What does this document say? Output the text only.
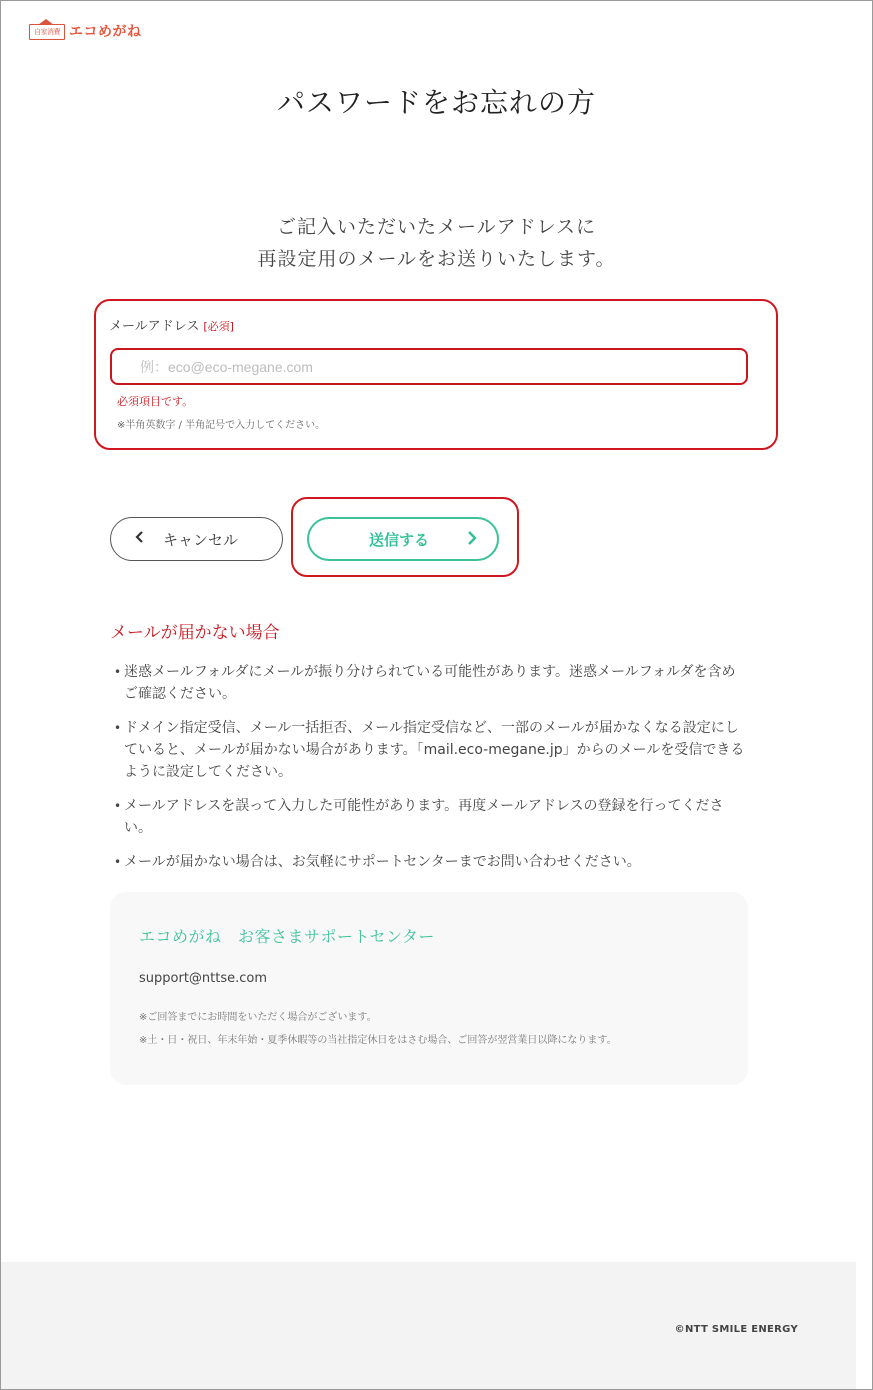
自家消費 エコめがね
パスワードをお忘れの方
ご記入いただいたメールアドレスに
再設定用のメールをお送りいたします。
メールアドレス [必須]
例：eco@eco-megane.com
必須項目です。
※半角英数字 / 半角記号で入力してください。
キャンセル	送信する
メールが届かない場合
• 迷惑メールフォルダにメールが振り分けられている可能性があります。迷惑メールフォルダを含めご確認ください。
• ドメイン指定受信、メール一括拒否、メール指定受信など、一部のメールが届かなくなる設定にしていると、メールが届かない場合があります。「mail.eco-megane.jp」からのメールを受信できるように設定してください。
• メールアドレスを誤って入力した可能性があります。再度メールアドレスの登録を行ってください。
• メールが届かない場合は、お気軽にサポートセンターまでお問い合わせください。
エコめがね　お客さまサポートセンター
support@nttse.com
※ご回答までにお時間をいただく場合がございます。
※土・日・祝日、年末年始・夏季休暇等の当社指定休日をはさむ場合、ご回答が翌営業日以降になります。
©NTT SMILE ENERGY
